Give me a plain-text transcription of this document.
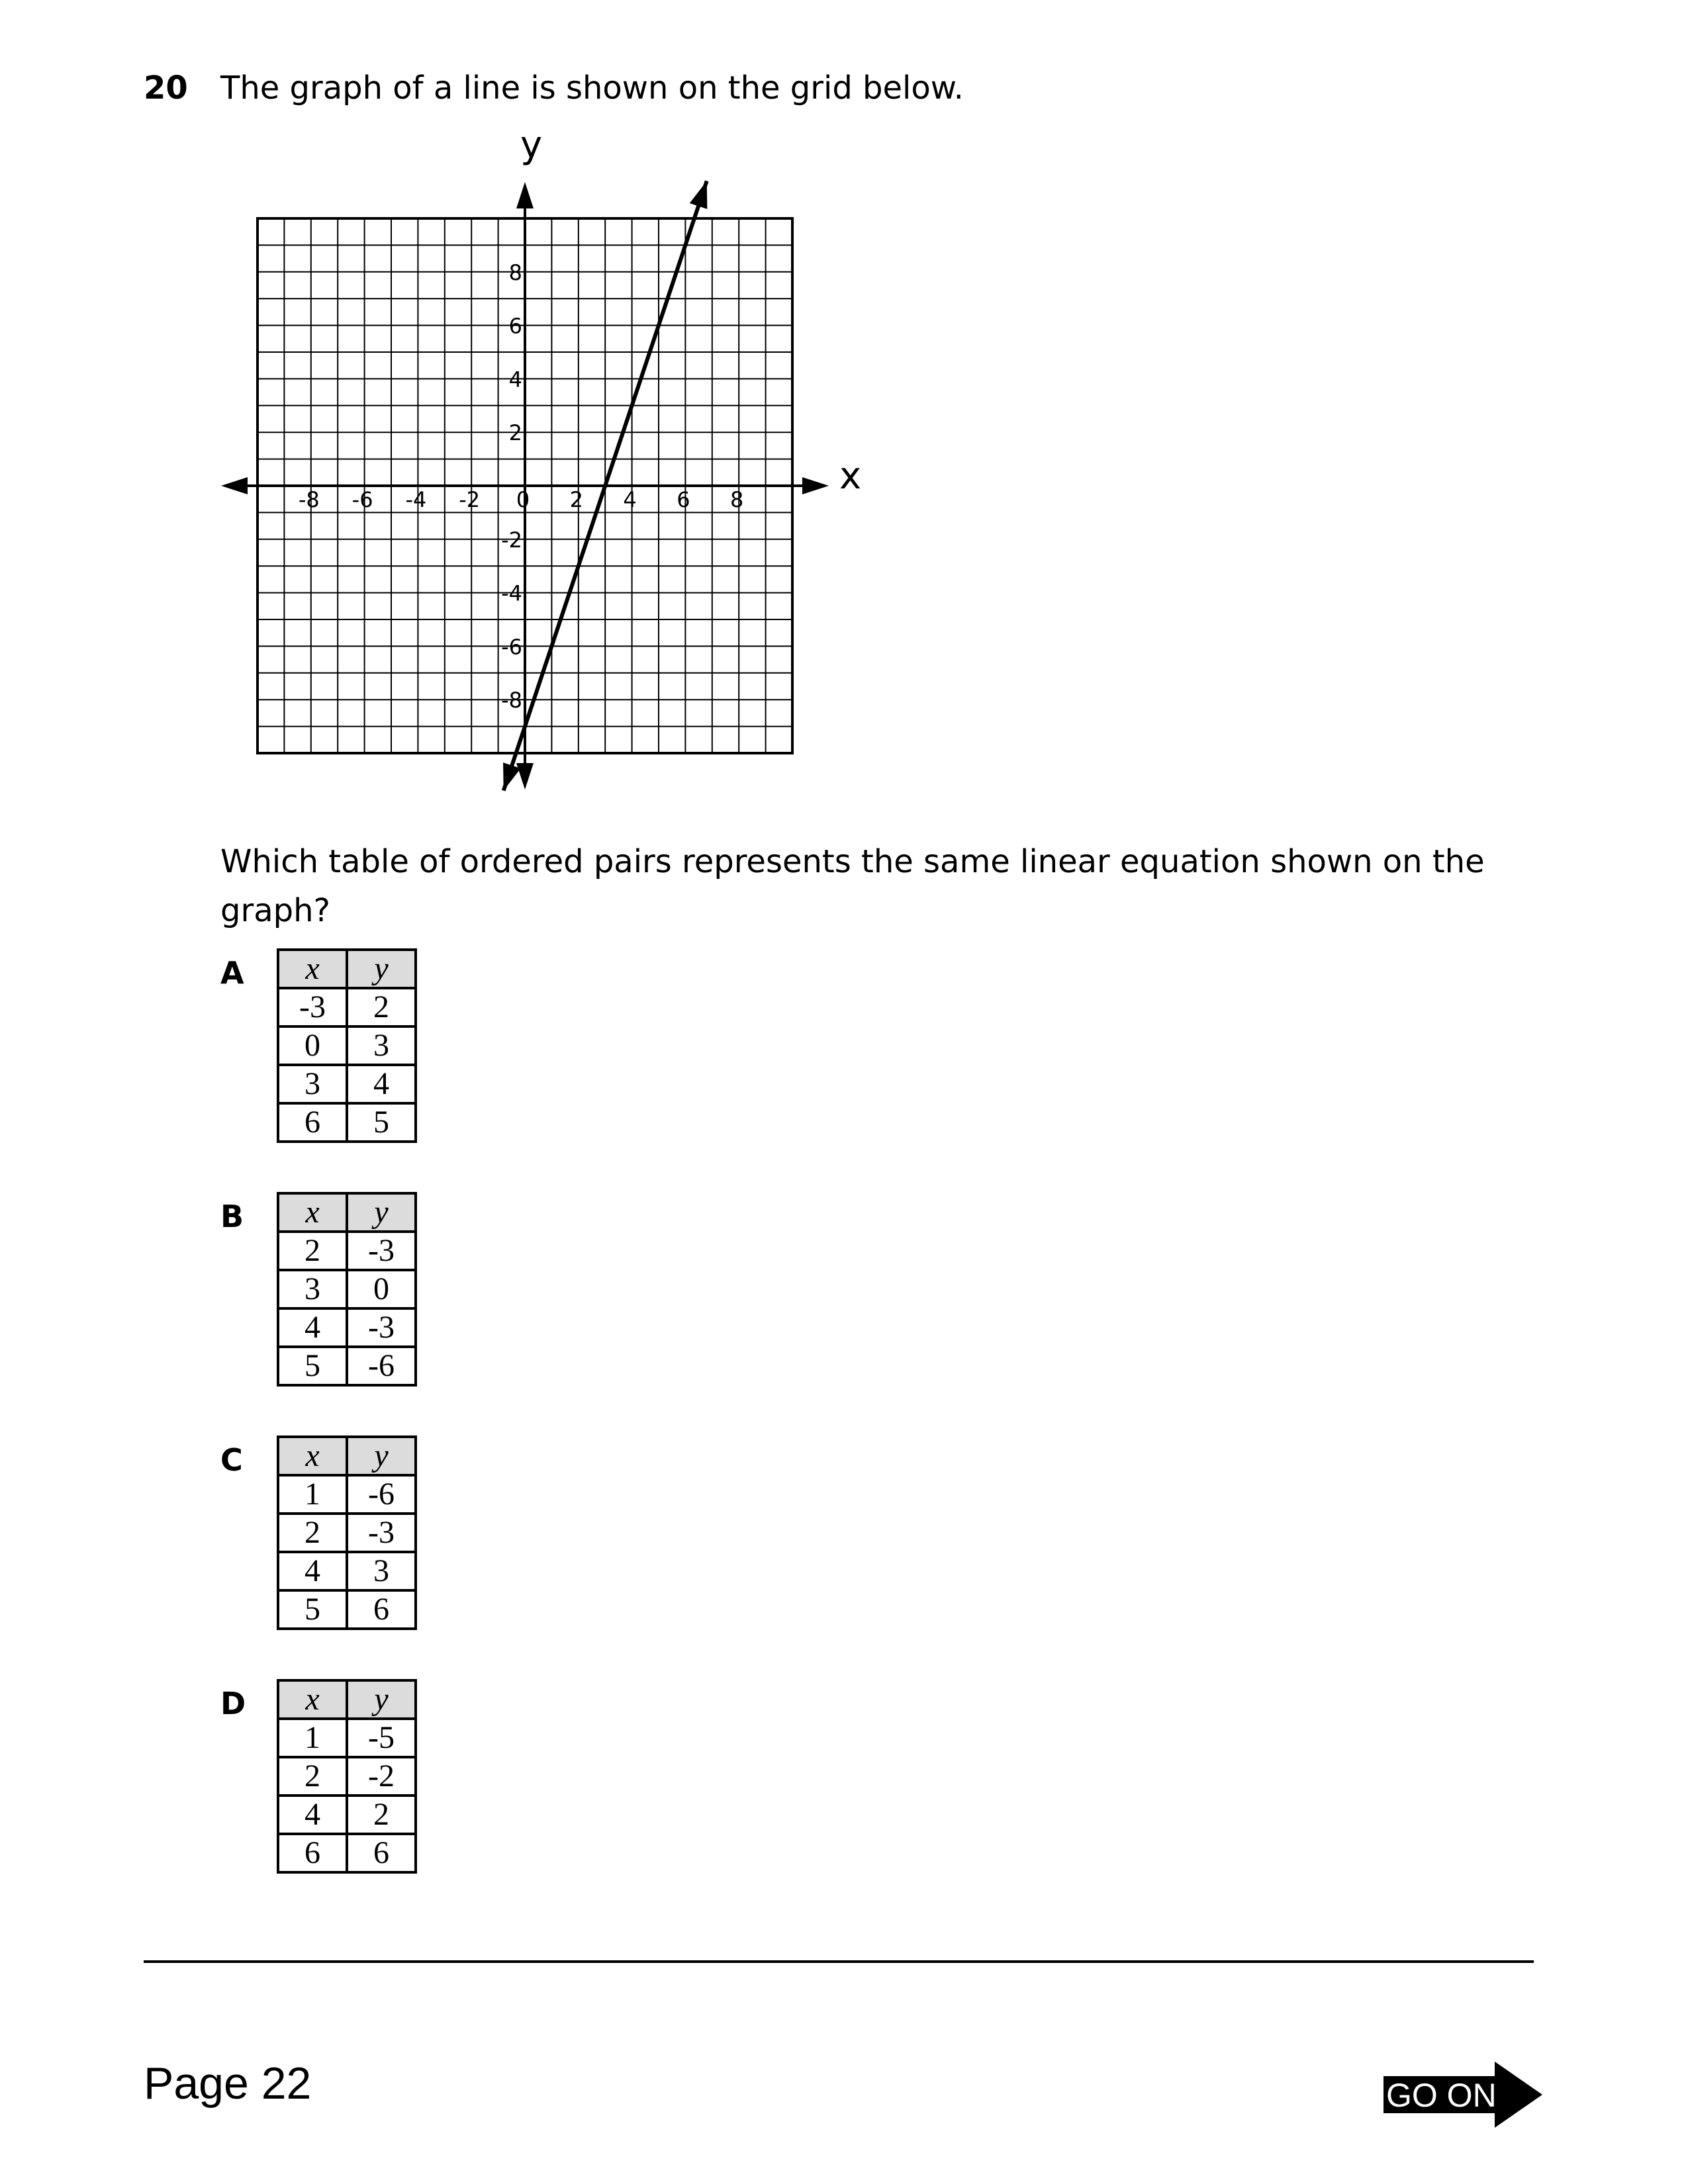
20 The graph of a line is shown on the grid below.
-8 -6 -4 -2 0 2 4 6 8
8
6
4
2
-2
-4
-6
-8
x
y
Which table of ordered pairs represents the same linear equation shown on the graph?
A x	y
-3	2
0	3
3	4
6	5
B x	y
2	-3
3	0
4	-3
5	-6
C x	y
1	-6
2	-3
4	3
5	6
D x	y
1	-5
2	-2
4	2
6	6
Page 22	GO ON
